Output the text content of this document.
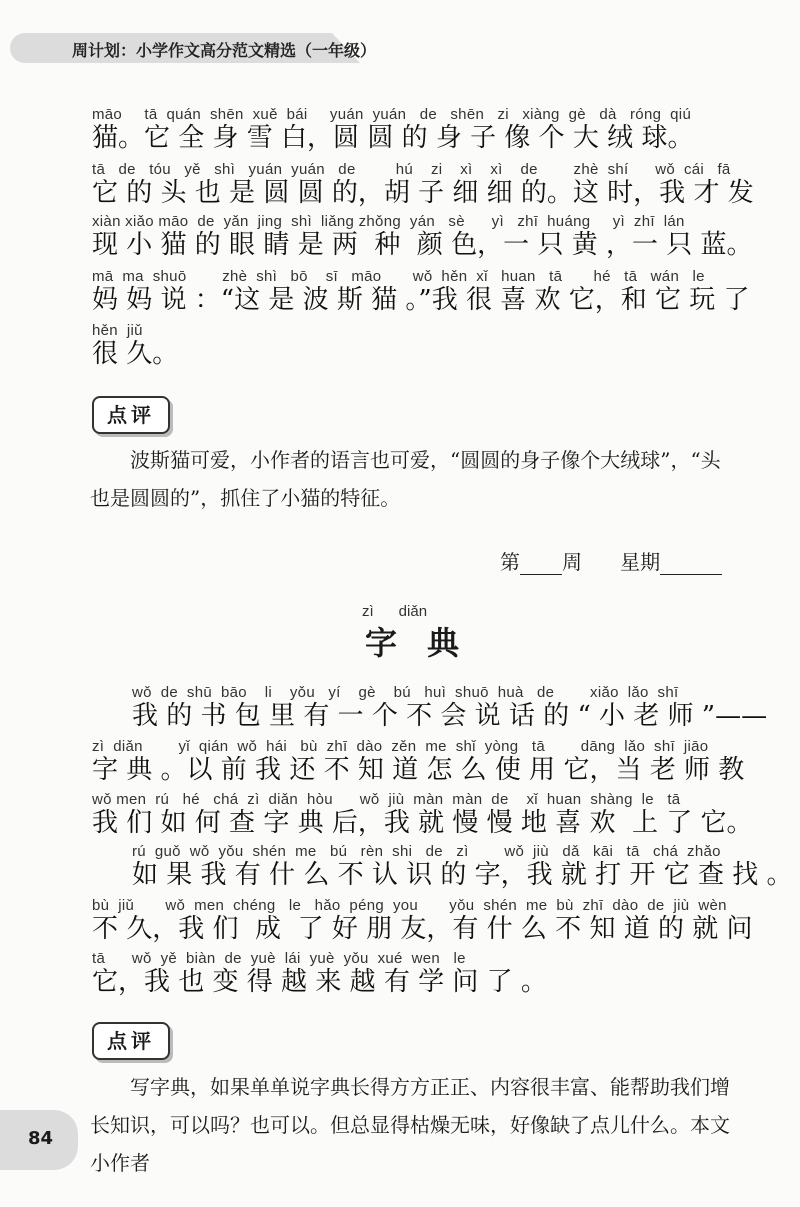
周计划：小学作文高分范文精选（一年级）
māo     tā  quán  shēn  xuě  bái     yuán  yuán   de   shēn   zi   xiàng  gè   dà   róng  qiú
猫。它 全 身 雪 白，圆 圆 的 身 子 像 个 大 绒 球。
tā   de   tóu   yě   shì   yuán  yuán   de         hú    zi    xì    xì    de        zhè  shí      wǒ  cái   fā
它 的 头 也 是 圆 圆 的，胡 子 细 细 的。这 时，我 才 发
xiàn xiǎo māo  de  yǎn  jing  shì  liǎng zhǒng  yán   sè      yì   zhī  huáng     yì  zhī  lán
现 小 猫 的 眼 睛 是 两  种  颜 色，一 只 黄 ，一 只 蓝。
mā  ma  shuō        zhè  shì   bō    sī   māo       wǒ  hěn  xǐ   huan   tā       hé   tā   wán   le
妈 妈 说 ：“这 是 波 斯 猫 。”我 很 喜 欢 它，和 它 玩 了
hěn  jiǔ
很 久。
点评
波斯猫可爱，小作者的语言也可爱，“圆圆的身子像个大绒球”，“头也是圆圆的”，抓住了小猫的特征。
第 周 星期
zì      diǎn
字典
wǒ  de  shū  bāo    li    yǒu   yí    gè    bú   huì  shuō  huà   de        xiǎo  lǎo  shī
我 的 书 包 里 有 一 个 不 会 说 话 的 “ 小 老 师 ”——
zì  diǎn        yǐ  qián  wǒ  hái   bù  zhī  dào  zěn  me  shǐ  yòng   tā        dāng  lǎo  shī  jiāo
字 典 。以 前 我 还 不 知 道 怎 么 使 用 它，当 老 师 教
wǒ men  rú   hé   chá  zì  diǎn  hòu      wǒ  jiù  màn  màn  de    xǐ  huan  shàng  le   tā
我 们 如 何 查 字 典 后，我 就 慢 慢 地 喜 欢  上 了 它。
rú  guǒ  wǒ  yǒu  shén  me   bú   rèn  shi   de   zì        wǒ  jiù   dǎ   kāi   tā   chá  zhǎo
如 果 我 有 什 么 不 认 识 的 字，我 就 打 开 它 查 找 。
bù  jiǔ       wǒ  men  chéng   le   hǎo  péng  you       yǒu  shén  me  bù  zhī  dào  de  jiù  wèn
不 久，我 们  成  了 好 朋 友，有 什 么 不 知 道 的 就 问
tā      wǒ  yě  biàn  de  yuè  lái  yuè  yǒu  xué  wen   le
它，我 也 变 得 越 来 越 有 学 问 了 。
点评
写字典，如果单单说字典长得方方正正、内容很丰富、能帮助我们增长知识，可以吗？也可以。但总显得枯燥无味，好像缺了点儿什么。本文小作者
84
